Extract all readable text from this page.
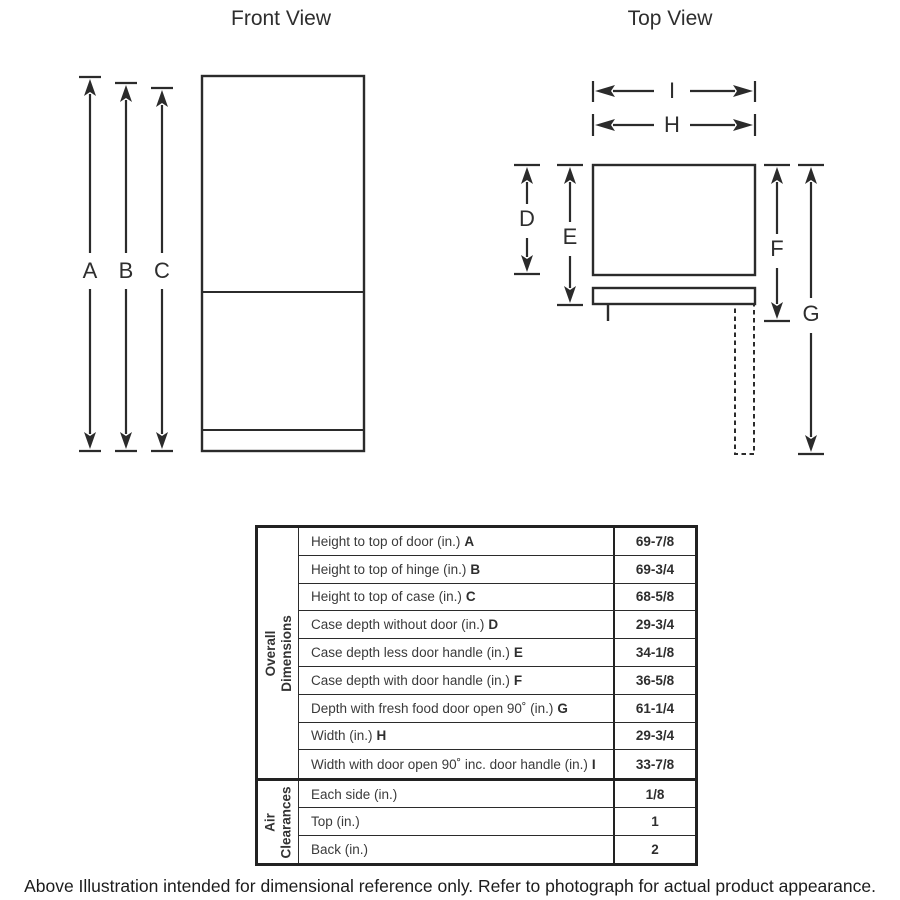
Front View
A B C
Top View
I
H
D
E	F
G
Overall Dimensions
Height to top of door (in.) A	69-7/8
Height to top of hinge (in.) B	69-3/4
Height to top of case (in.) C	68-5/8
Case depth without door (in.) D	29-3/4
Case depth less door handle (in.) E	34-1/8
Case depth with door handle (in.) F	36-5/8
Depth with fresh food door open 90˚ (in.) G	61-1/4
Width (in.) H	29-3/4
Width with door open 90˚ inc. door handle (in.) I	33-7/8
Air Clearances Each side (in.)	1/8
Top (in.)	1
Back (in.)	2
Above Illustration intended for dimensional reference only. Refer to photograph for actual product appearance.
